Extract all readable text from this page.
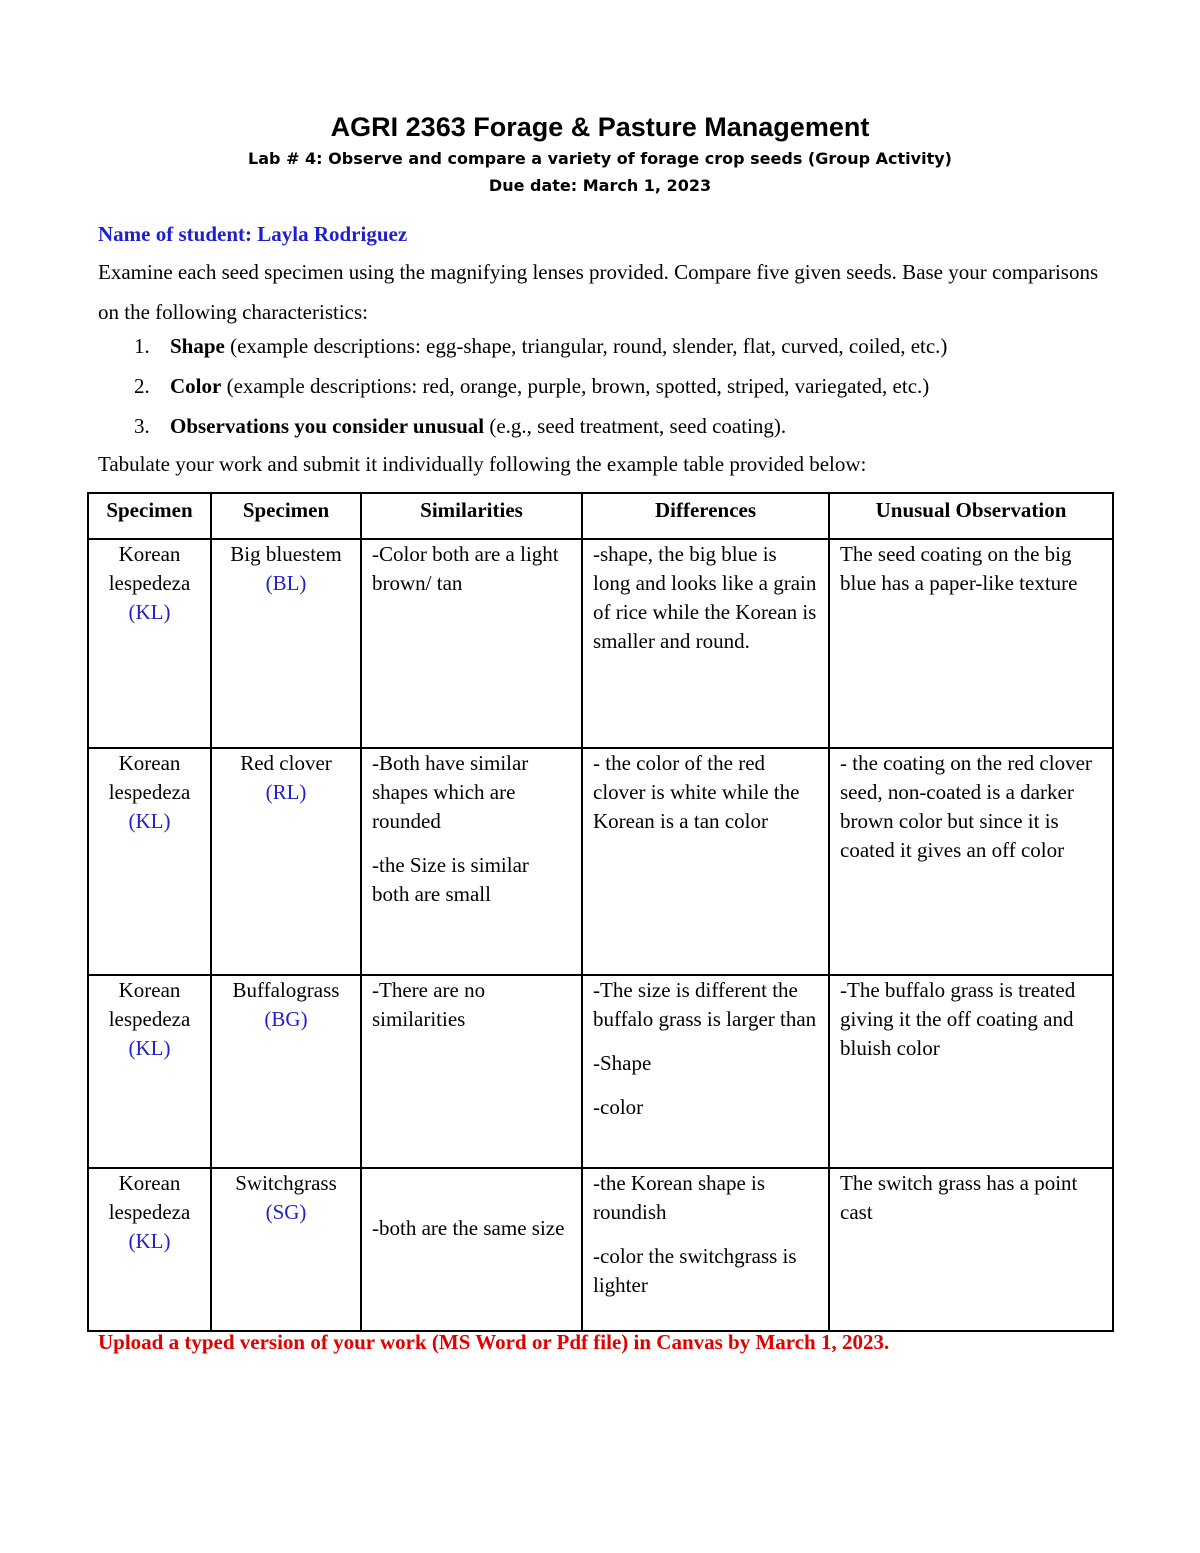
AGRI 2363 Forage & Pasture Management
Lab # 4: Observe and compare a variety of forage crop seeds (Group Activity)
Due date: March 1, 2023
Name of student: Layla Rodriguez

Examine each seed specimen using the magnifying lenses provided. Compare five given seeds. Base your comparisons on the following characteristics:

1. Shape (example descriptions: egg-shape, triangular, round, slender, flat, curved, coiled, etc.)
2. Color (example descriptions: red, orange, purple, brown, spotted, striped, variegated, etc.)
3. Observations you consider unusual (e.g., seed treatment, seed coating).
Tabulate your work and submit it individually following the example table provided below:
Specimen	Specimen	Similarities	Differences	Unusual Observation

Korean lespedeza
(KL)	Big bluestem
(BL)	-Color both are a light brown/ tan	-shape, the big blue is long and looks like a grain of rice while the Korean is smaller and round.	The seed coating on the big blue has a paper-like texture

Korean lespedeza
(KL)	Red clover
(RL)	-Both have similar shapes which are rounded
-the Size is similar both are small	- the color of the red clover is white while the Korean is a tan color	- the coating on the red clover seed, non-coated is a darker brown color but since it is coated it gives an off color

Korean lespedeza
(KL)	Buffalograss
(BG)	-There are no similarities	-The size is different the buffalo grass is larger than
-Shape
-color	-The buffalo grass is treated giving it the off coating and bluish color

Korean lespedeza
(KL)	Switchgrass
(SG)	-both are the same size	-the Korean shape is roundish
-color the switchgrass is lighter	The switch grass has a point cast
Upload a typed version of your work (MS Word or Pdf file) in Canvas by March 1, 2023.
